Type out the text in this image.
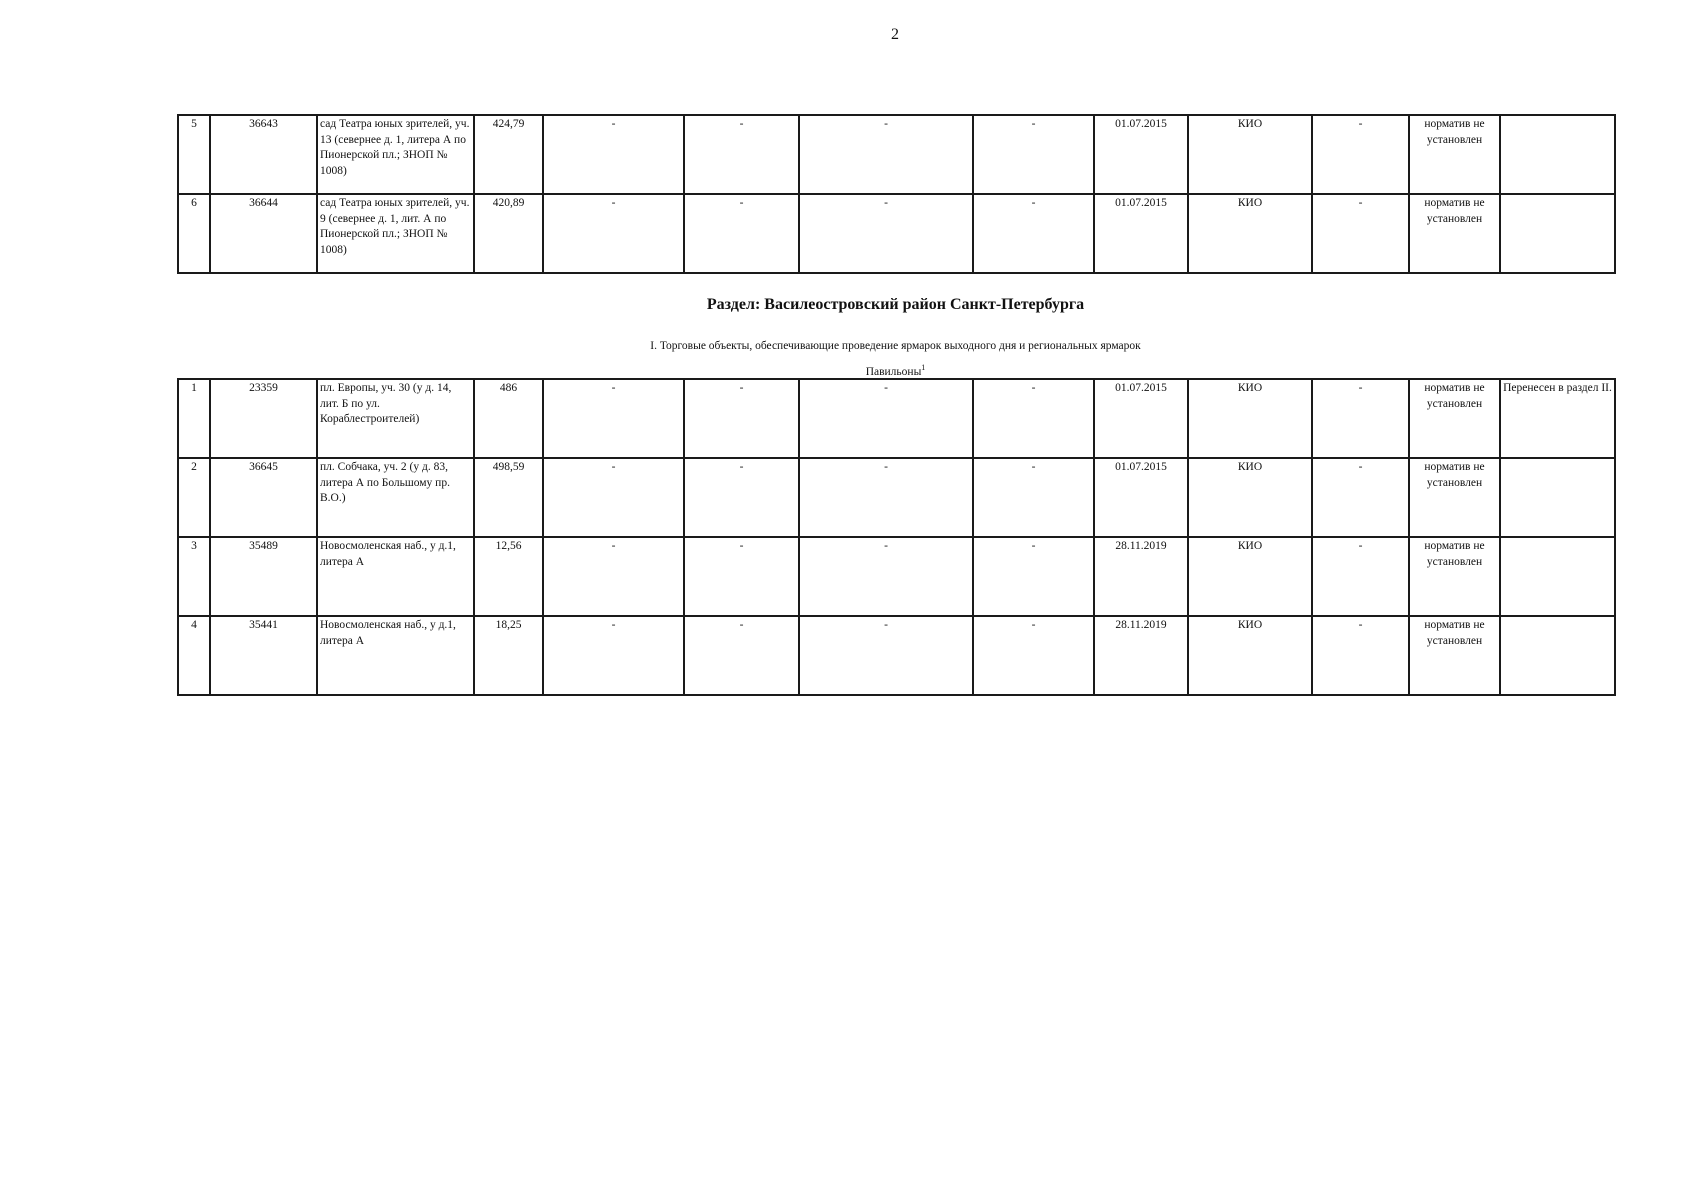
2
5	36643	сад Театра юных зрителей, уч. 13 (севернее д. 1, литера А по Пионерской пл.; ЗНОП № 1008)	424,79	-	-	-	-	01.07.2015	КИО	-	норматив не установлен	
6	36644	сад Театра юных зрителей, уч. 9 (севернее д. 1, лит. А по Пионерской пл.; ЗНОП № 1008)	420,89	-	-	-	-	01.07.2015	КИО	-	норматив не установлен	
Раздел: Василеостровский район Санкт-Петербурга
I. Торговые объекты, обеспечивающие проведение ярмарок выходного дня и региональных ярмарок
Павильоны$^1$
1	23359	пл. Европы, уч. 30 (у д. 14, лит. Б по ул. Кораблестроителей)	486	-	-	-	-	01.07.2015	КИО	-	норматив не установлен	Перенесен в раздел II.
2	36645	пл. Собчака, уч. 2 (у д. 83, литера А по Большому пр. В.О.)	498,59	-	-	-	-	01.07.2015	КИО	-	норматив не установлен	
3	35489	Новосмоленская наб., у д.1, литера А	12,56	-	-	-	-	28.11.2019	КИО	-	норматив не установлен	
4	35441	Новосмоленская наб., у д.1, литера А	18,25	-	-	-	-	28.11.2019	КИО	-	норматив не установлен	
